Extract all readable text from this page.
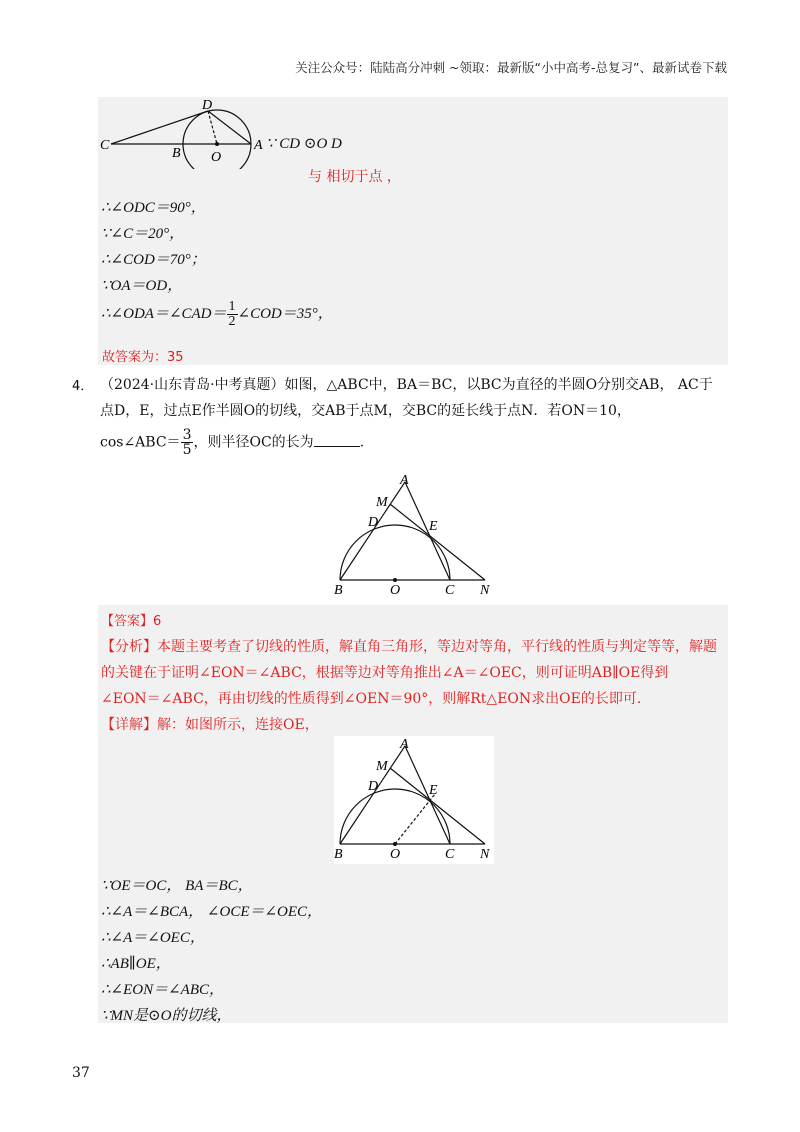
关注公众号：陆陆高分冲刺 ~领取：最新版“小中高考-总复习”、最新试卷下载
D
C
B O
A ∵ CD ⊙O D
与 相切于点 ，
∴∠ODC＝90°，
∵∠C＝20°，
∴∠COD＝70°；
∵OA＝OD，
∴∠ODA＝∠CAD＝ $\frac{1}{2}$ ∠COD＝35°，
故答案为：35
4． （2024·山东青岛·中考真题）如图，△ABC中，BA＝BC，以BC为直径的半圆O分别交AB， AC于
点D，E，过点E作半圆O的切线，交AB于点M，交BC的延长线于点N．若ON＝10，
cos∠ABC＝ $\frac{3}{5}$ ，则半径OC的长为	.
A
M
D	E
B	O	C N
【答案】6
【分析】本题主要考查了切线的性质，解直角三角形，等边对等角，平行线的性质与判定等等，解题
的关键在于证明∠EON＝∠ABC，根据等边对等角推出∠A＝∠OEC，则可证明AB∥OE得到
∠EON＝∠ABC，再由切线的性质得到∠OEN＝90°，则解Rt△EON求出OE的长即可.
【详解】解：如图所示，连接OE，
A
M
D	E
B	O	C N
∵OE＝OC， BA＝BC，
∴∠A＝∠BCA， ∠OCE＝∠OEC，
∴∠A＝∠OEC，
∴AB∥OE，
∴∠EON＝∠ABC，
∵MN是⊙O的切线，
37
